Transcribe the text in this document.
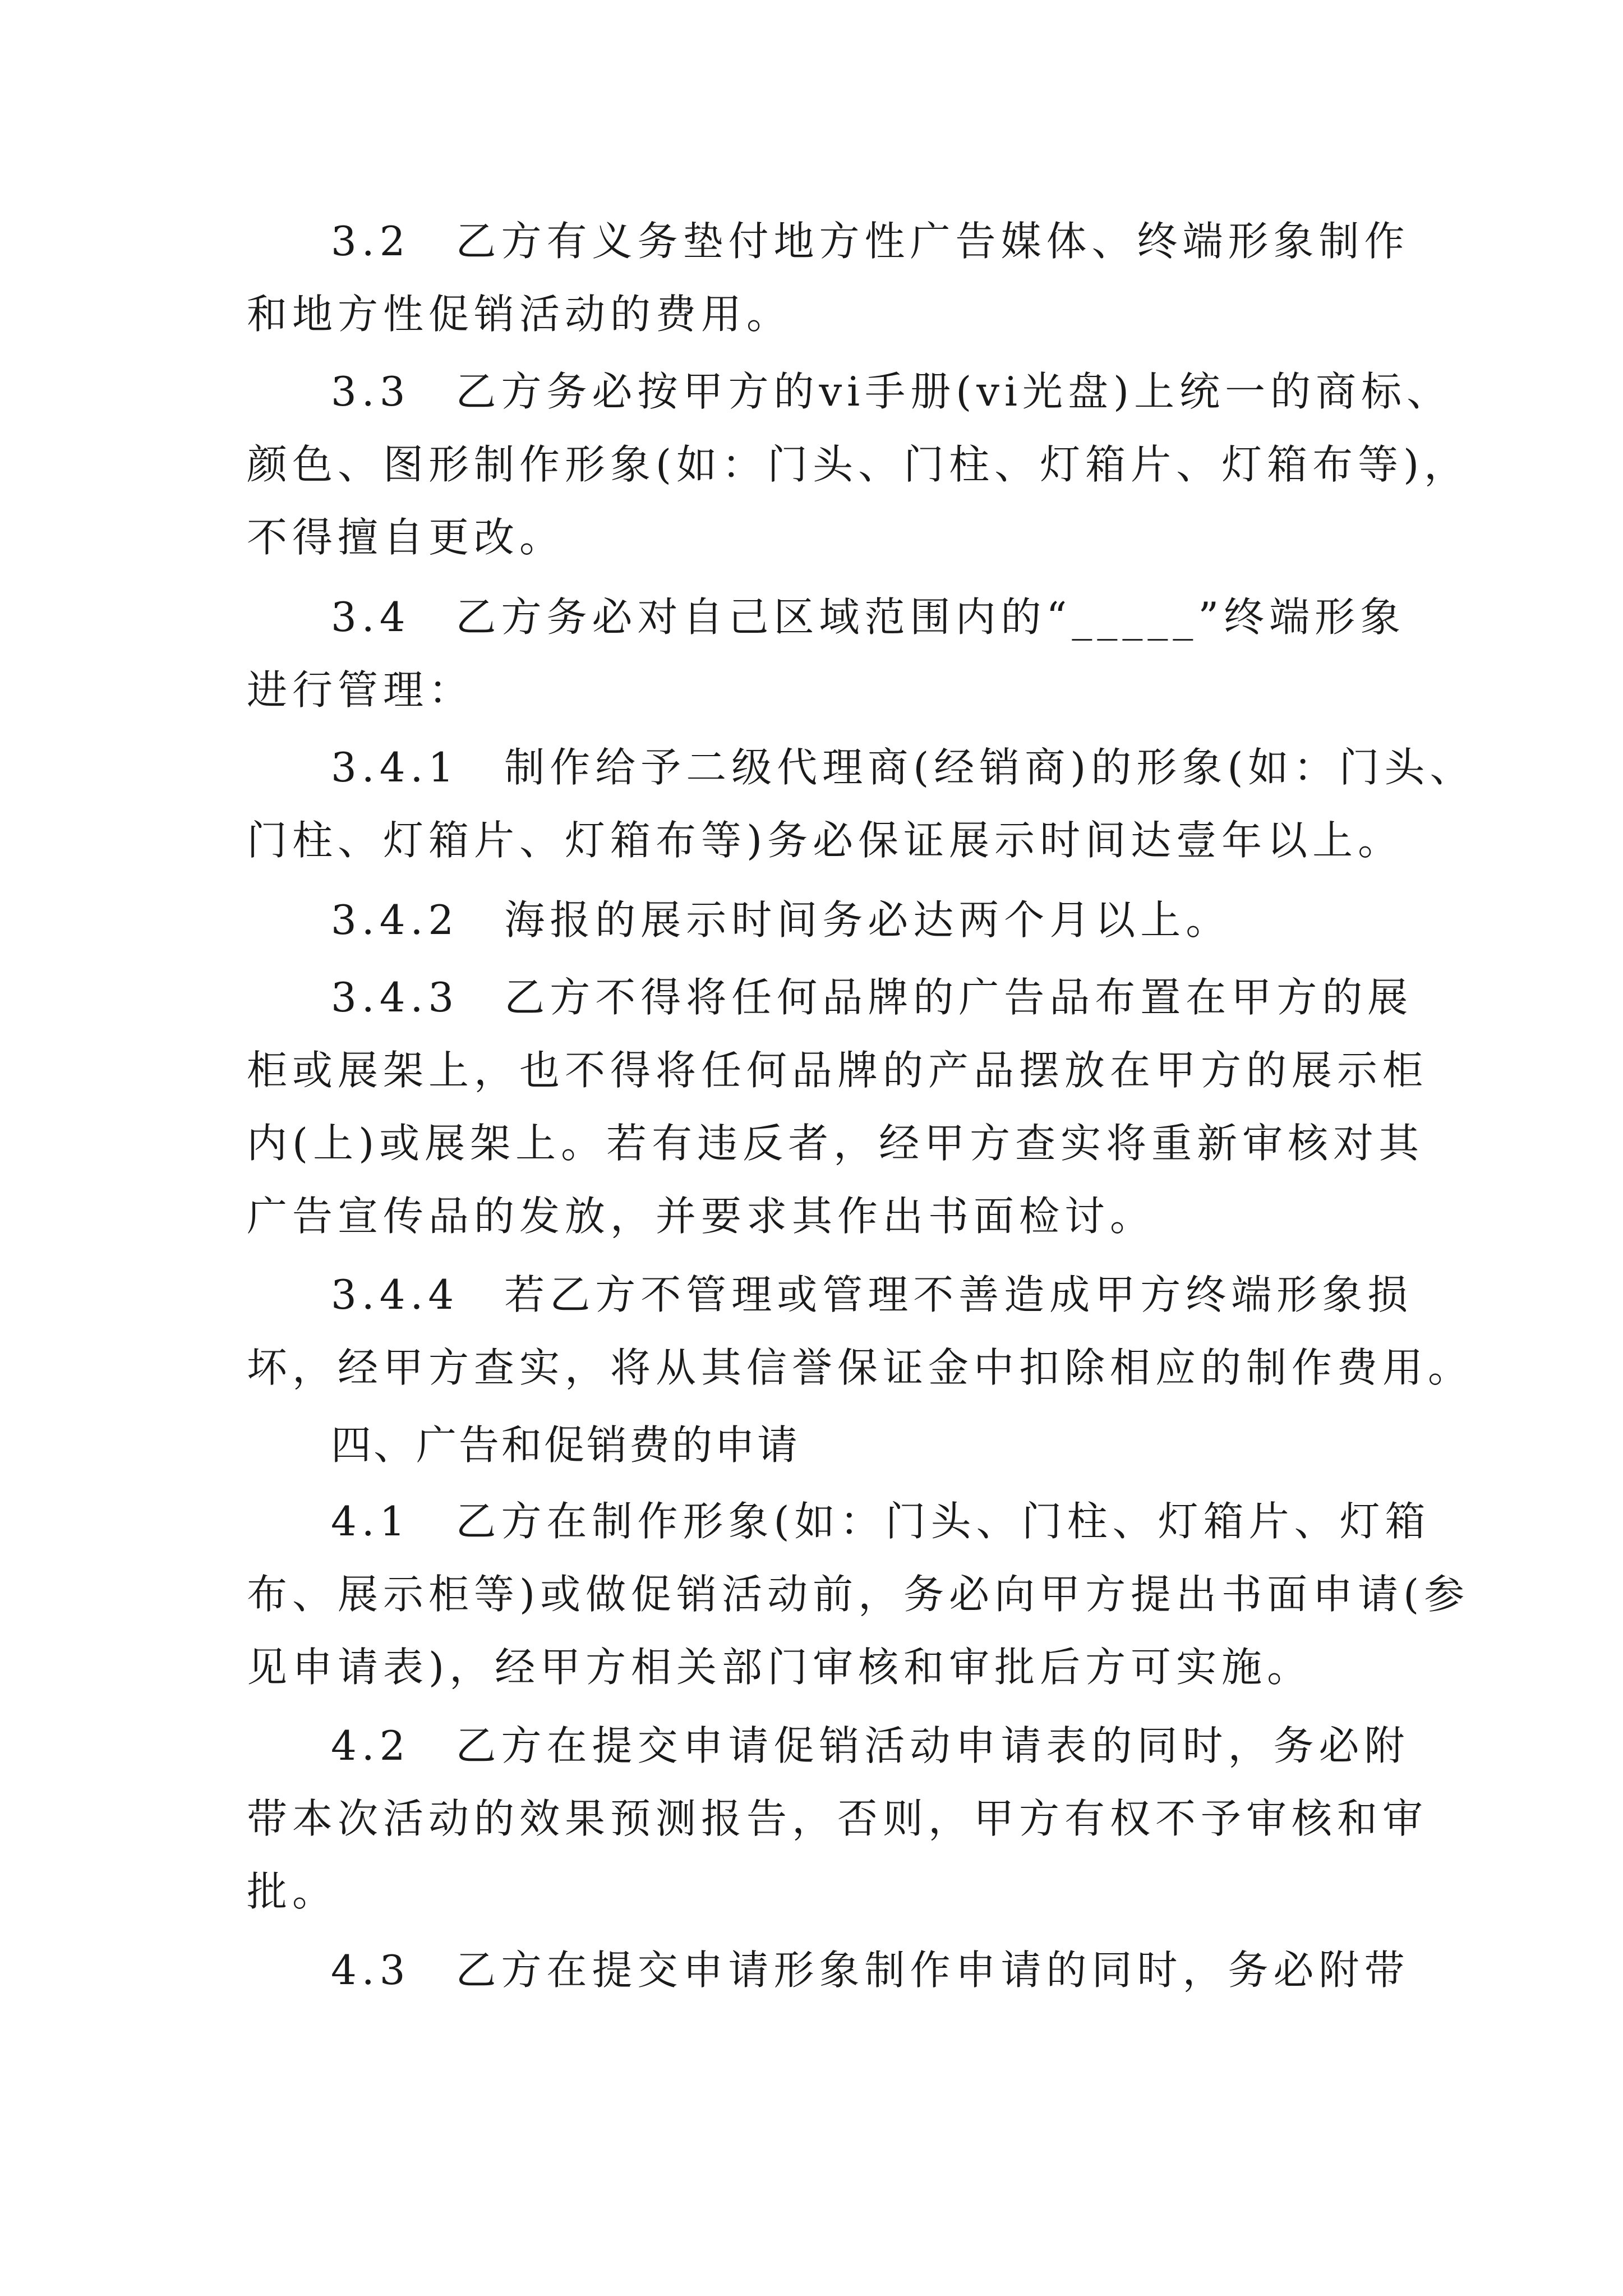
3.2　乙方有义务垫付地方性广告媒体、终端形象制作

和地方性促销活动的费用。

3.3　乙方务必按甲方的vi手册(vi光盘)上统一的商标、

颜色、图形制作形象(如：门头、门柱、灯箱片、灯箱布等)，

不得擅自更改。

3.4　乙方务必对自己区域范围内的“_____”终端形象

进行管理：

3.4.1　制作给予二级代理商(经销商)的形象(如：门头、

门柱、灯箱片、灯箱布等)务必保证展示时间达壹年以上。

3.4.2　海报的展示时间务必达两个月以上。

3.4.3　乙方不得将任何品牌的广告品布置在甲方的展

柜或展架上，也不得将任何品牌的产品摆放在甲方的展示柜

内(上)或展架上。若有违反者，经甲方查实将重新审核对其

广告宣传品的发放，并要求其作出书面检讨。

3.4.4　若乙方不管理或管理不善造成甲方终端形象损

坏，经甲方查实，将从其信誉保证金中扣除相应的制作费用。

四、广告和促销费的申请

4.1　乙方在制作形象(如：门头、门柱、灯箱片、灯箱

布、展示柜等)或做促销活动前，务必向甲方提出书面申请(参

见申请表)，经甲方相关部门审核和审批后方可实施。

4.2　乙方在提交申请促销活动申请表的同时，务必附

带本次活动的效果预测报告，否则，甲方有权不予审核和审

批。

4.3　乙方在提交申请形象制作申请的同时，务必附带
